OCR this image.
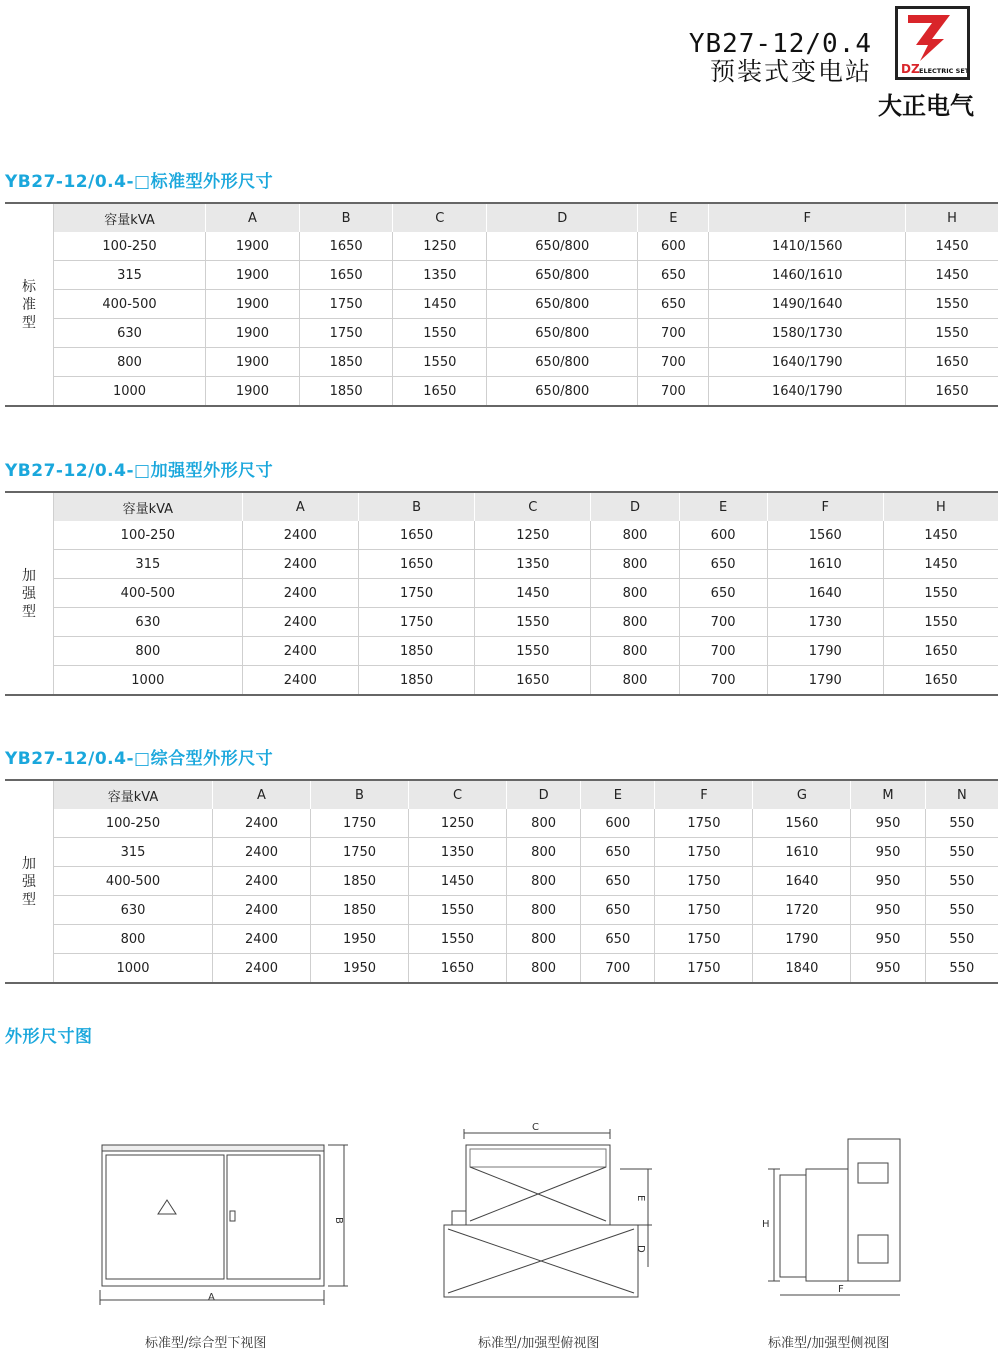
YB27-12/0.4
预装式变电站 DZ ELECTRIC SET
大正电气
YB27-12/0.4-□标准型外形尺寸
YB27-12/0.4-□加强型外形尺寸
YB27-12/0.4-□综合型外形尺寸
外形尺寸图
标准型	容量kVA	A	B	C	D	E	F	H
	100-250	1900	1650	1250	650/800	600	1410/1560	1450
	315	1900	1650	1350	650/800	650	1460/1610	1450
	400-500	1900	1750	1450	650/800	650	1490/1640	1550
	630	1900	1750	1550	650/800	700	1580/1730	1550
	800	1900	1850	1550	650/800	700	1640/1790	1650
	1000	1900	1850	1650	650/800	700	1640/1790	1650
加强型	容量kVA	A	B	C	D	E	F	H
	100-250	2400	1650	1250	800	600	1560	1450
	315	2400	1650	1350	800	650	1610	1450
	400-500	2400	1750	1450	800	650	1640	1550
	630	2400	1750	1550	800	700	1730	1550
	800	2400	1850	1550	800	700	1790	1650
	1000	2400	1850	1650	800	700	1790	1650
加强型	容量kVA	A	B	C	D	E	F	G	M	N
	100-250	2400	1750	1250	800	600	1750	1560	950	550
	315	2400	1750	1350	800	650	1750	1610	950	550
	400-500	2400	1850	1450	800	650	1750	1640	950	550
	630	2400	1850	1550	800	650	1750	1720	950	550
	800	2400	1950	1550	800	650	1750	1790	950	550
	1000	2400	1950	1650	800	700	1750	1840	950	550
A
B
C
E
D
H
F
标准型/综合型下视图	标准型/加强型俯视图	标准型/加强型侧视图
